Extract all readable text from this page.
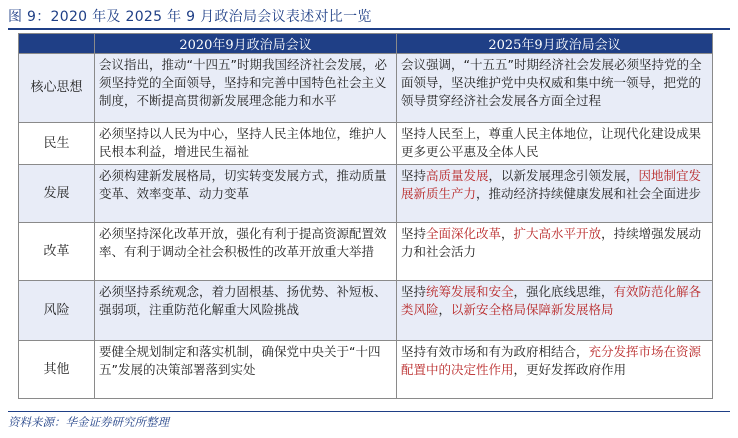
图 9：2020 年及 2025 年 9 月政治局会议表述对比一览
	2020年9月政治局会议	2025年9月政治局会议
核心思想	会议指出，推动“十四五”时期我国经济社会发展，必须坚持党的全面领导，坚持和完善中国特色社会主义制度，不断提高贯彻新发展理念能力和水平	会议强调，“十五五”时期经济社会发展必须坚持党的全面领导，坚决维护党中央权威和集中统一领导，把党的领导贯穿经济社会发展各方面全过程
民生	必须坚持以人民为中心，坚持人民主体地位，维护人民根本利益，增进民生福祉	坚持人民至上，尊重人民主体地位，让现代化建设成果更多更公平惠及全体人民
发展	必须构建新发展格局，切实转变发展方式，推动质量变革、效率变革、动力变革	坚持高质量发展，以新发展理念引领发展，因地制宜发展新质生产力，推动经济持续健康发展和社会全面进步
改革	必须坚持深化改革开放，强化有利于提高资源配置效率、有利于调动全社会积极性的改革开放重大举措	坚持全面深化改革，扩大高水平开放，持续增强发展动力和社会活力
风险	必须坚持系统观念，着力固根基、扬优势、补短板、强弱项，注重防范化解重大风险挑战	坚持统筹发展和安全，强化底线思维，有效防范化解各类风险，以新安全格局保障新发展格局
其他	要健全规划制定和落实机制，确保党中央关于“十四五”发展的决策部署落到实处	坚持有效市场和有为政府相结合，充分发挥市场在资源配置中的决定性作用，更好发挥政府作用
资料来源：华金证券研究所整理
